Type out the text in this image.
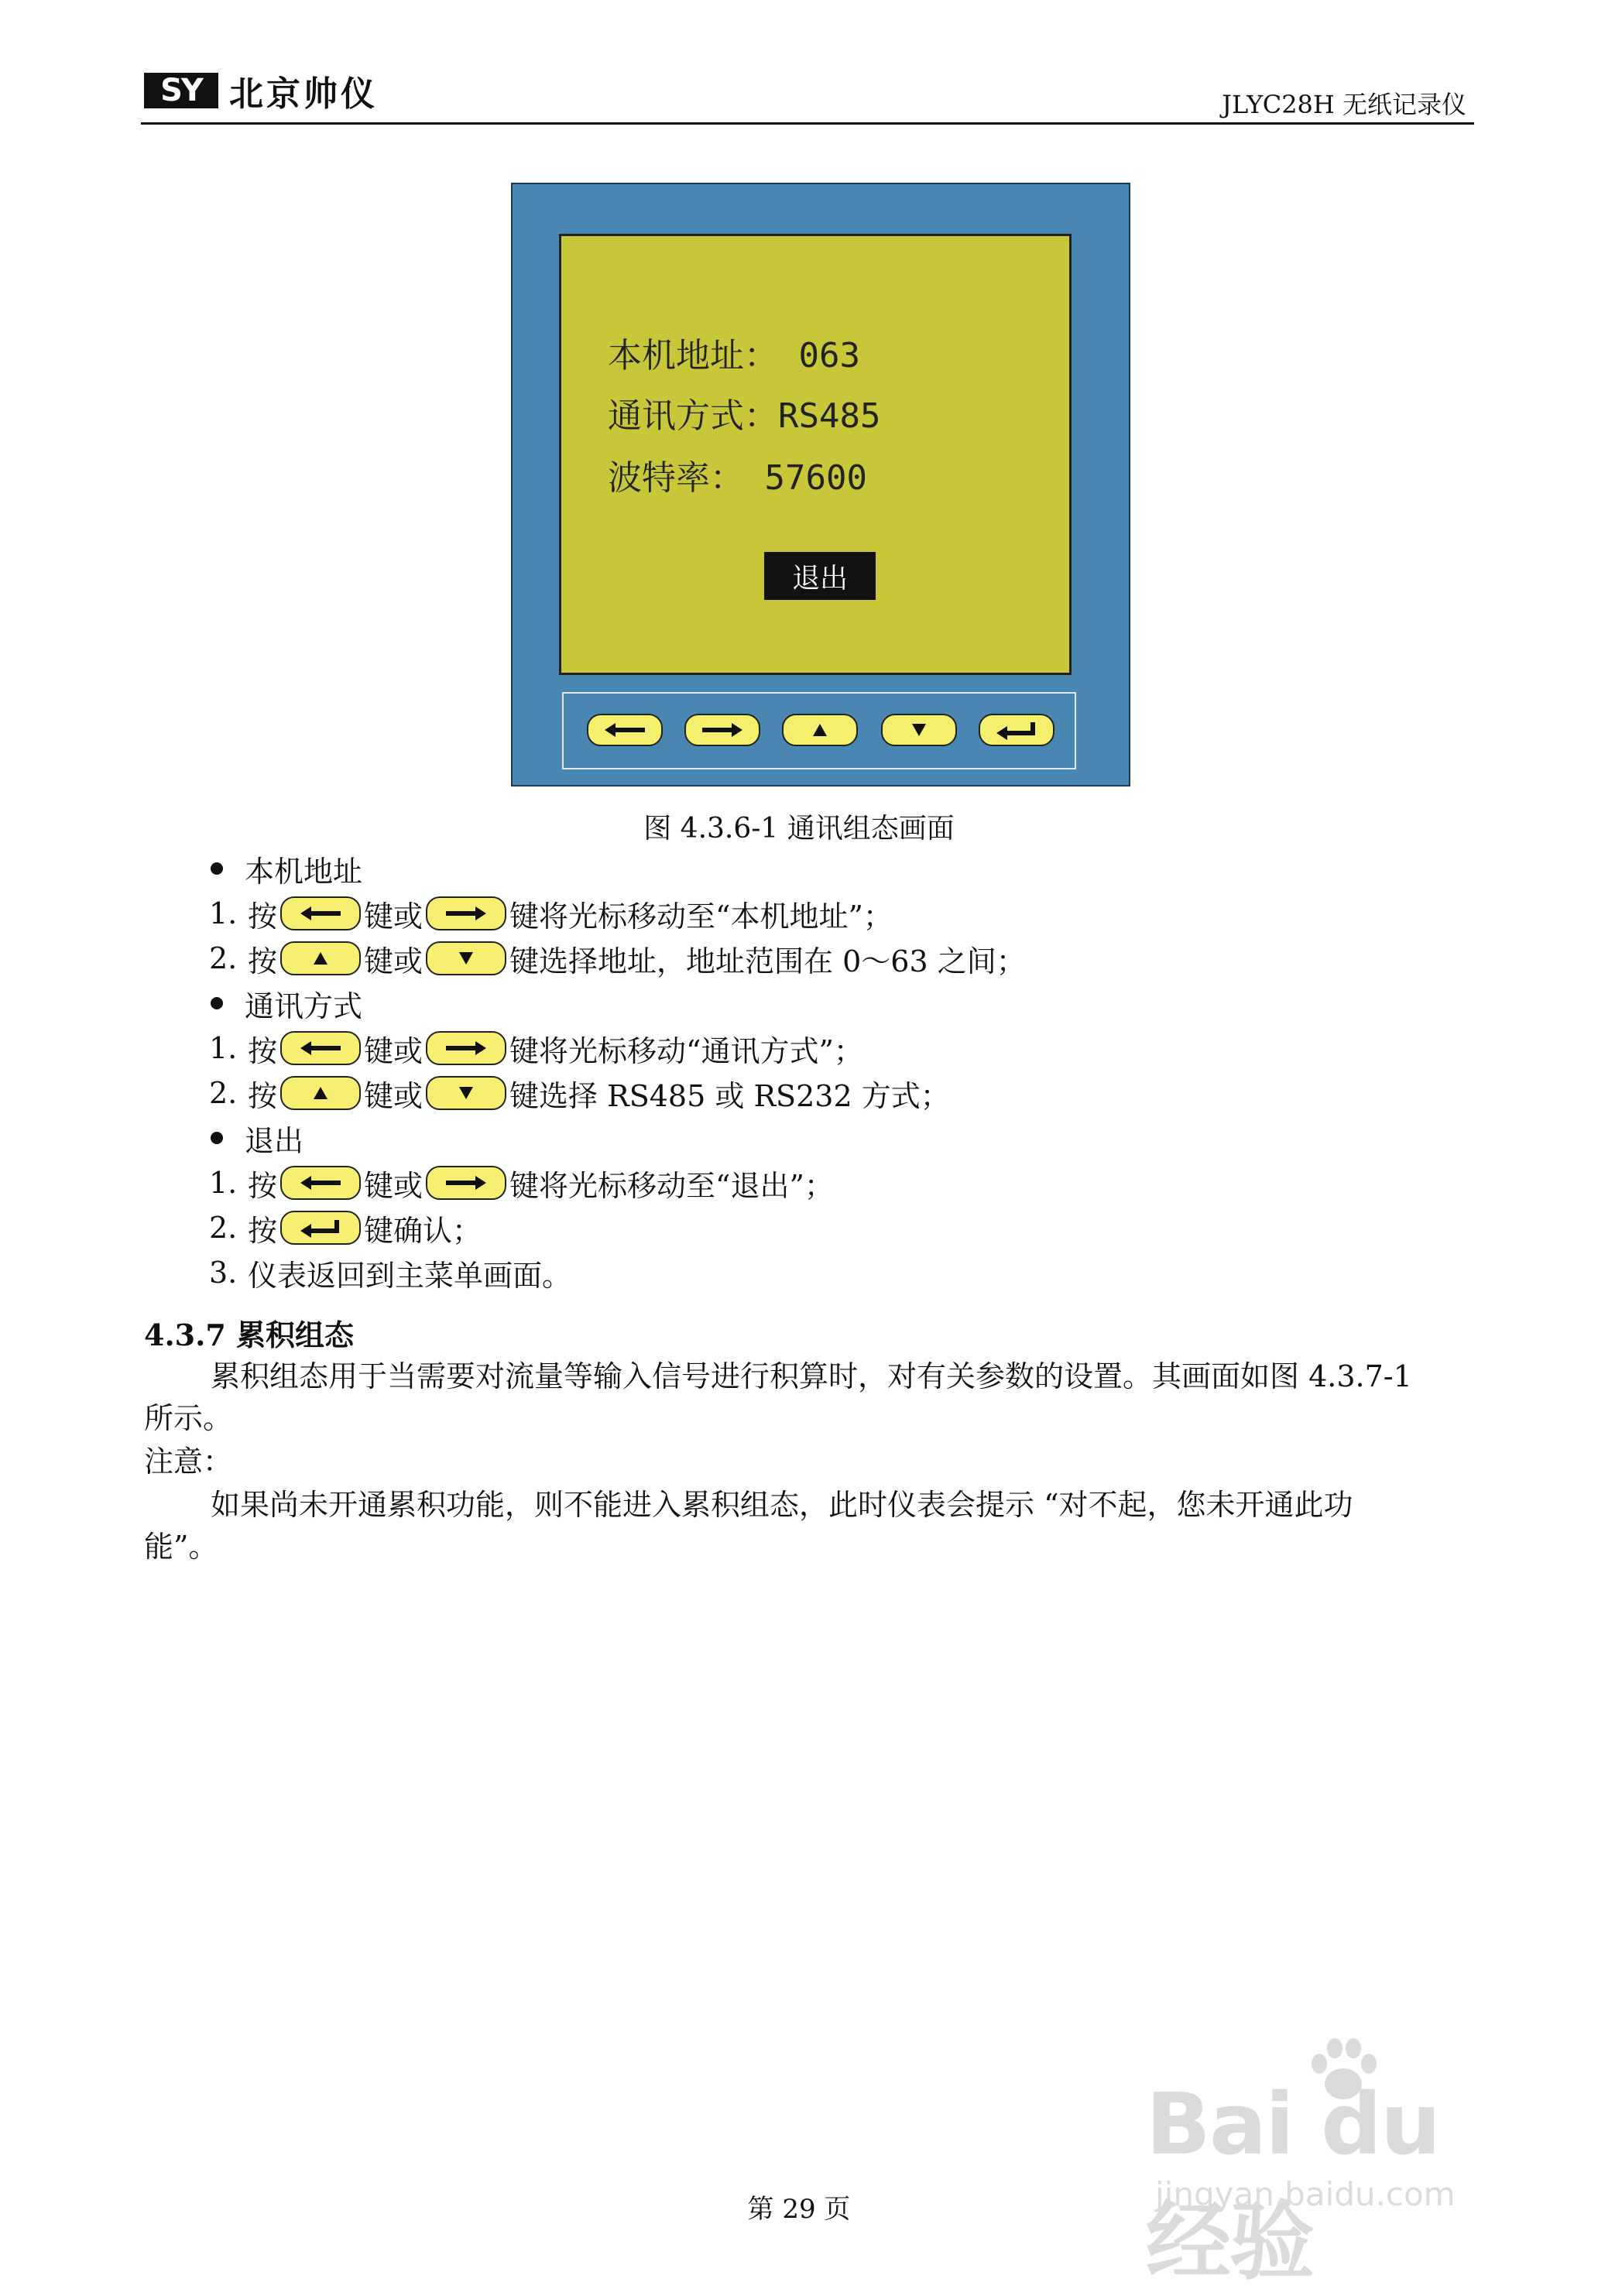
SY 北京帅仪	JLYC28H 无纸记录仪
本机地址： 063
通讯方式：RS485
波特率： 57600
退出
图 4.3.6-1 通讯组态画面
本机地址
1. 按	键或	键将光标移动至“本机地址”；
2. 按	键或	键选择地址，地址范围在 0～63 之间；
通讯方式
1. 按	键或	键将光标移动“通讯方式”；
2. 按	键或	键选择 RS485 或 RS232 方式；
退出
1. 按	键或	键将光标移动至“退出”；
2. 按	键确认；
3. 仪表返回到主菜单画面。
4.3.7 累积组态
累积组态用于当需要对流量等输入信号进行积算时，对有关参数的设置。其画面如图 4.3.7-1
所示。
注意：
如果尚未开通累积功能，则不能进入累积组态，此时仪表会提示 “对不起，您未开通此功
能”。
Bai du 经验
jingyan.baidu.com
第 29 页
